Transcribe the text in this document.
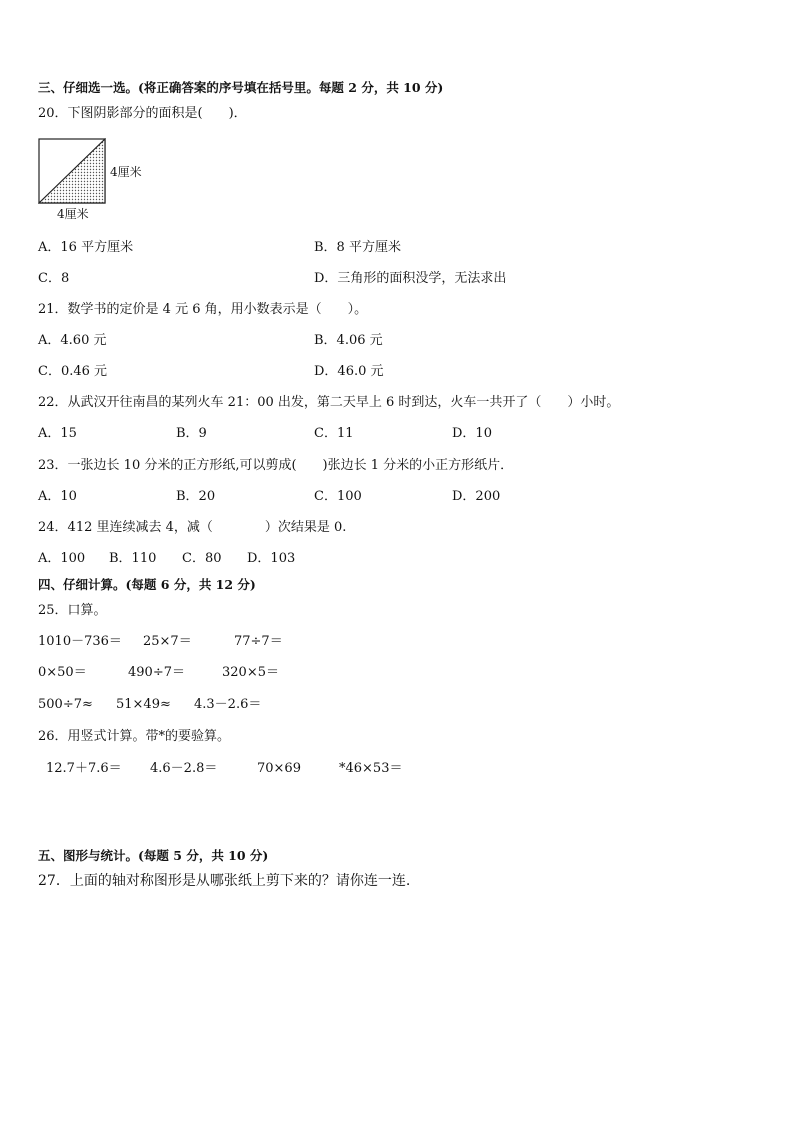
三、仔细选一选。(将正确答案的序号填在括号里。每题 2 分，共 10 分)
20．下图阴影部分的面积是(　　)．
4厘米
4厘米
A．16 平方厘米	B．8 平方厘米
C．8	D．三角形的面积没学，无法求出
21．数学书的定价是 4 元 6 角，用小数表示是（　　）。
A．4.60 元	B．4.06 元
C．0.46 元	D．46.0 元
22．从武汉开往南昌的某列火车 21：00 出发，第二天早上 6 时到达，火车一共开了（　　）小时。
A．15	B．9	C．11	D．10
23．一张边长 10 分米的正方形纸,可以剪成(　　)张边长 1 分米的小正方形纸片．
A．10	B．20	C．100	D．200
24．412 里连续减去 4，减（　　　　）次结果是 0.
A．100 B．110 C．80 D．103
四、仔细计算。(每题 6 分，共 12 分)
25．口算。
1010－736＝ 25×7＝	77÷7＝
0×50＝	490÷7＝	320×5＝
500÷7≈ 51×49≈ 4.3－2.6＝
26．用竖式计算。带*的要验算。
12.7＋7.6＝ 4.6－2.8＝	70×69	*46×53＝
五、图形与统计。(每题 5 分，共 10 分)
27．上面的轴对称图形是从哪张纸上剪下来的？请你连一连.
